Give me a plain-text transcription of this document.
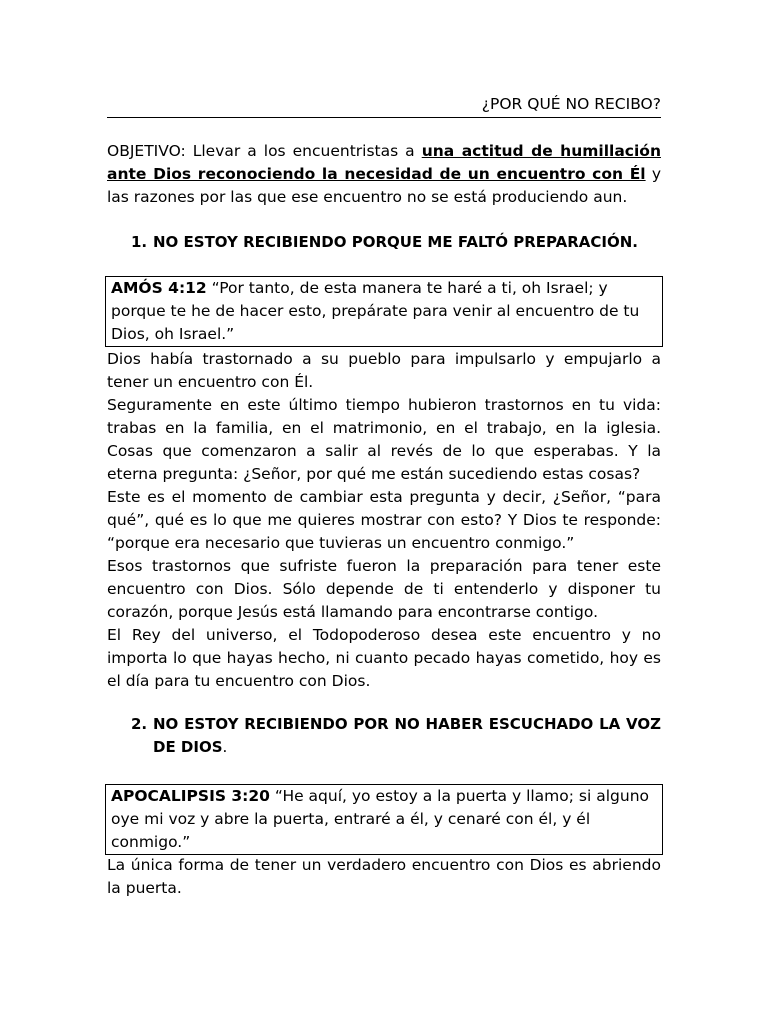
¿POR QUÉ NO RECIBO?
OBJETIVO: Llevar a los encuentristas a una actitud de humillación ante Dios reconociendo la necesidad de un encuentro con Él y las razones por las que ese encuentro no se está produciendo aun.
1. NO ESTOY RECIBIENDO PORQUE ME FALTÓ PREPARACIÓN.
AMÓS 4:12 “Por tanto, de esta manera te haré a ti, oh Israel; y porque te he de hacer esto, prepárate para venir al encuentro de tu Dios, oh Israel.”
Dios había trastornado a su pueblo para impulsarlo y empujarlo a tener un encuentro con Él.
Seguramente en este último tiempo hubieron trastornos en tu vida: trabas en la familia, en el matrimonio, en el trabajo, en la iglesia. Cosas que comenzaron a salir al revés de lo que esperabas. Y la eterna pregunta: ¿Señor, por qué me están sucediendo estas cosas?
Este es el momento de cambiar esta pregunta y decir, ¿Señor, “para qué”, qué es lo que me quieres mostrar con esto? Y Dios te responde: “porque era necesario que tuvieras un encuentro conmigo.”
Esos trastornos que sufriste fueron la preparación para tener este encuentro con Dios. Sólo depende de ti entenderlo y disponer tu corazón, porque Jesús está llamando para encontrarse contigo.
El Rey del universo, el Todopoderoso desea este encuentro y no importa lo que hayas hecho, ni cuanto pecado hayas cometido, hoy es el día para tu encuentro con Dios.
2. NO ESTOY RECIBIENDO POR NO HABER ESCUCHADO LA VOZ DE DIOS.
APOCALIPSIS 3:20 “He aquí, yo estoy a la puerta y llamo; si alguno oye mi voz y abre la puerta, entraré a él, y cenaré con él, y él conmigo.”
La única forma de tener un verdadero encuentro con Dios es abriendo la puerta.
